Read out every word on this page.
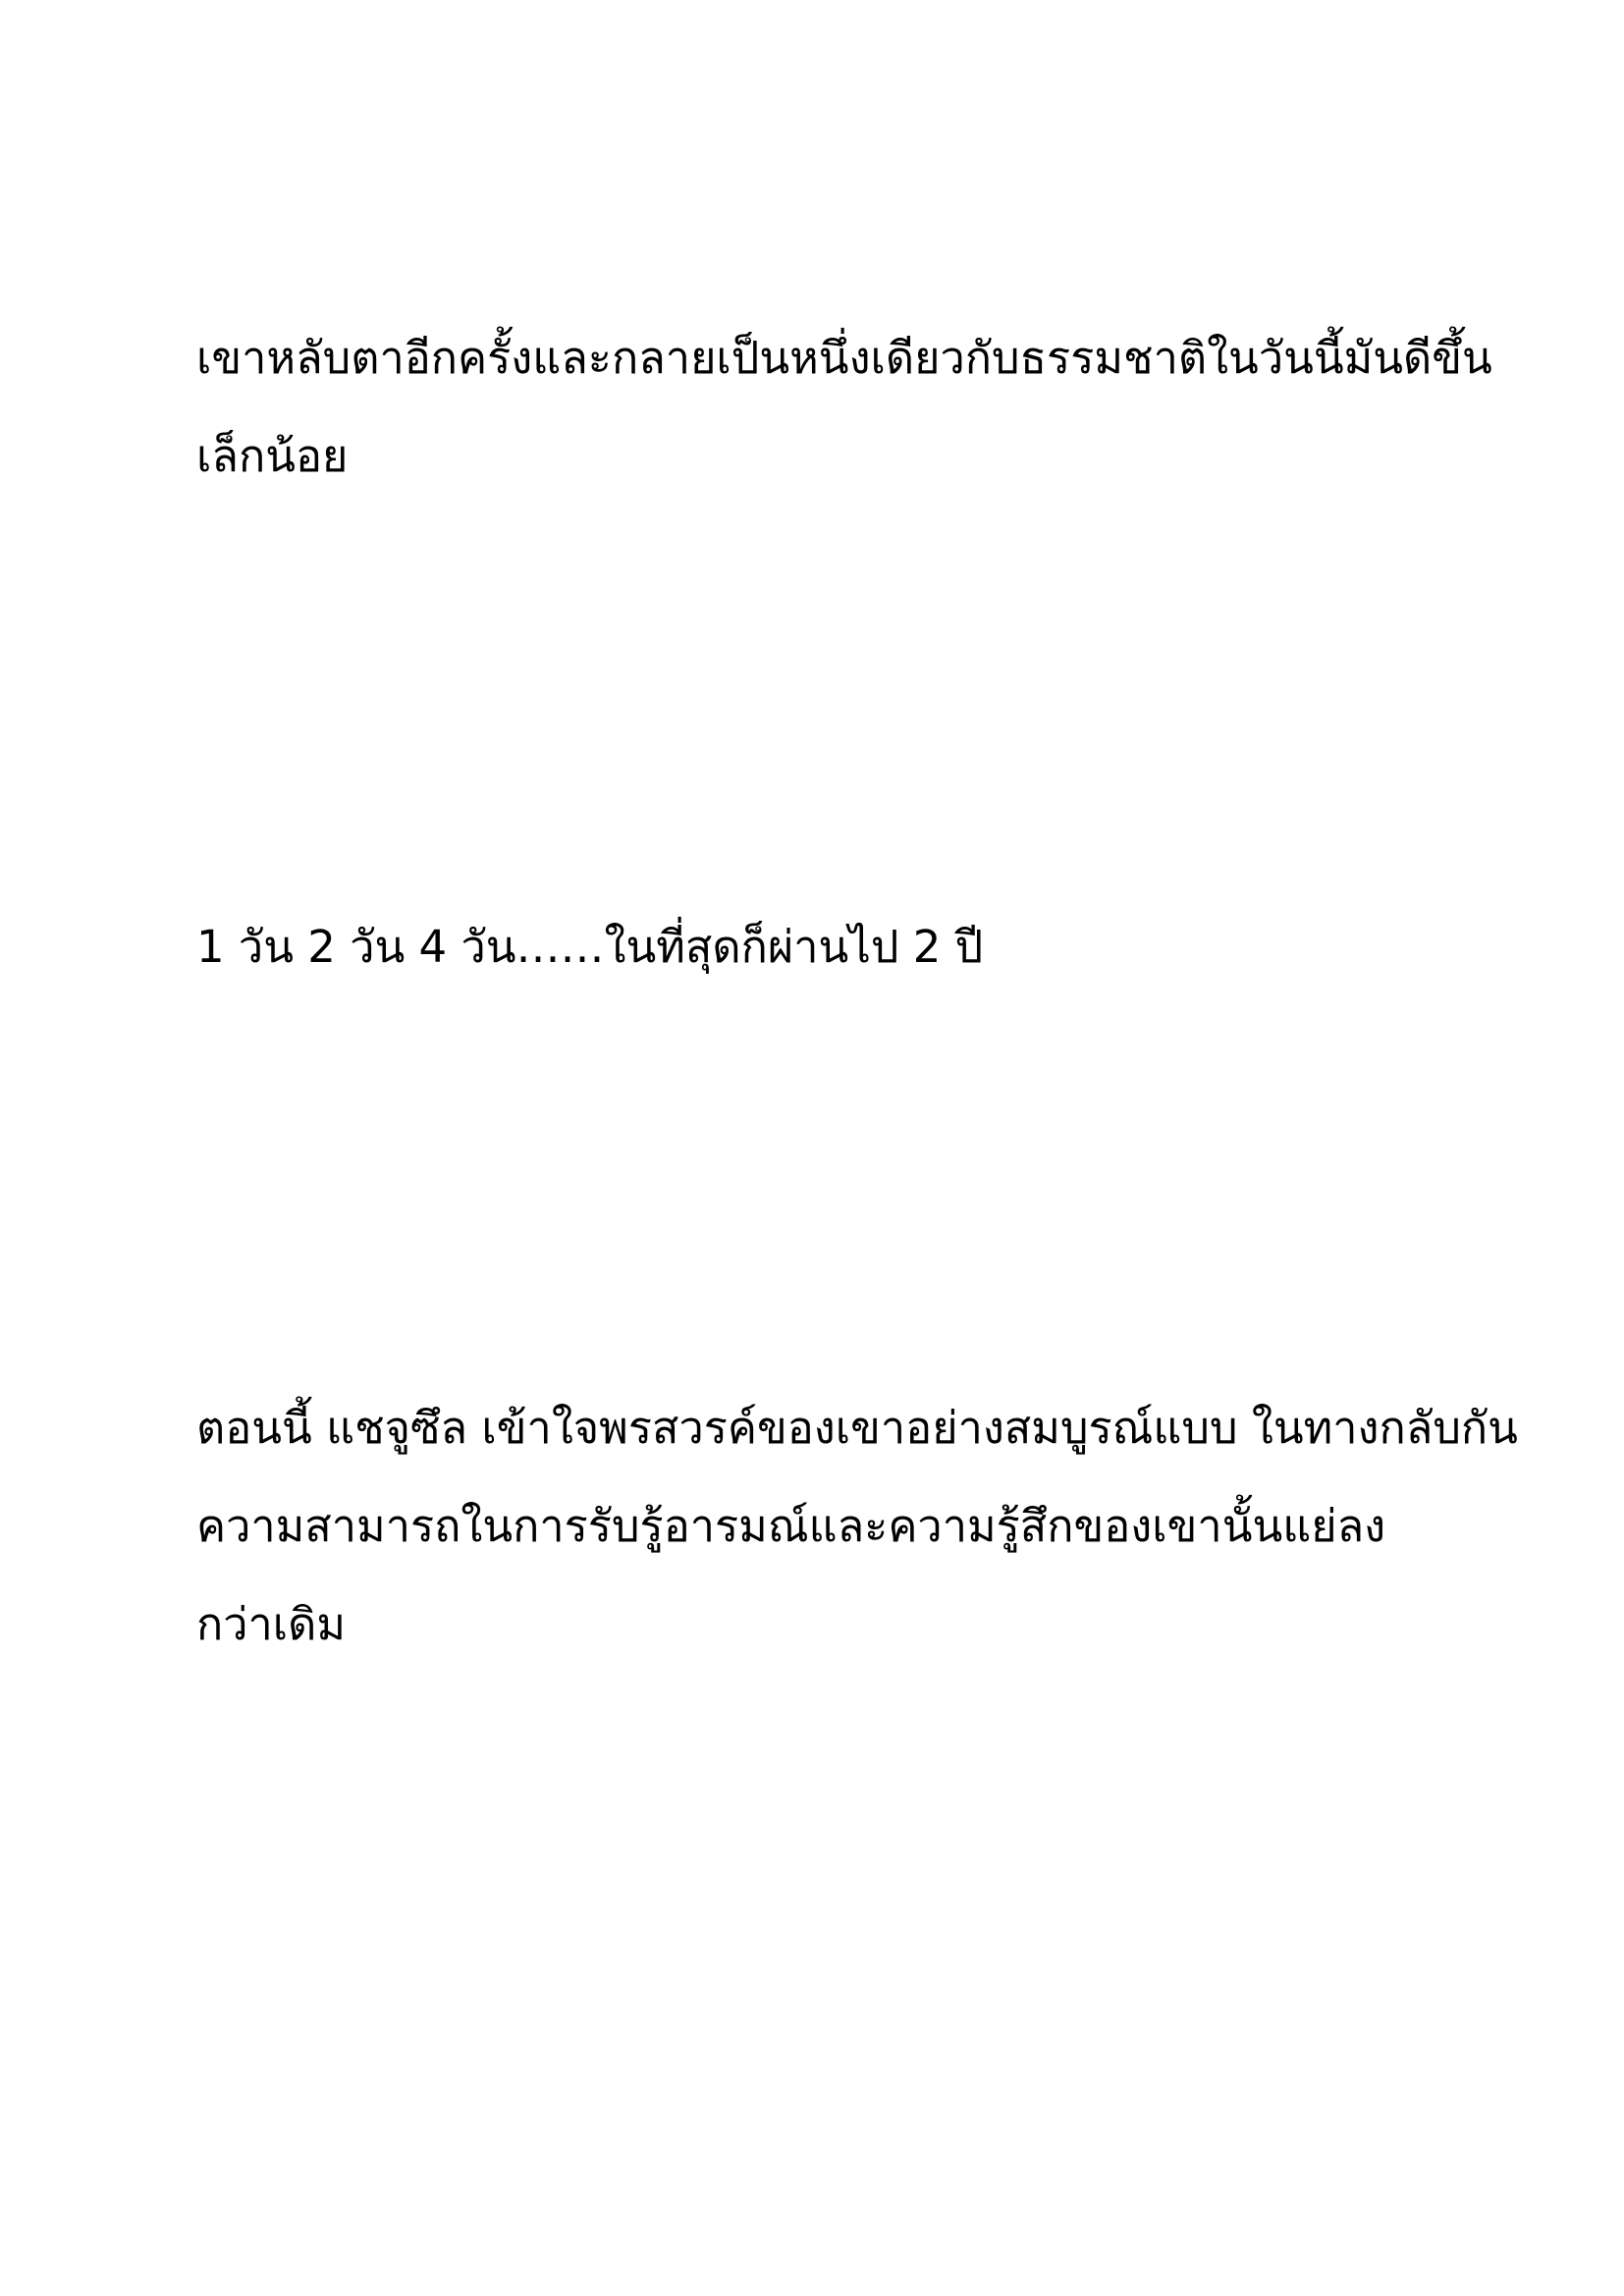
เขาหลับตาอีกครั้งและกลายเป็นหนึ่งเดียวกับธรรมชาติในวันนี้มันดีขึ้น
เล็กน้อย

1 วัน 2 วัน 4 วัน……ในที่สุดก็ผ่านไป 2 ปี

ตอนนี้ แชจูซึล เข้าใจพรสวรค์ของเขาอย่างสมบูรณ์แบบ ในทางกลับกัน
ความสามารถในการรับรู้อารมณ์และความรู้สึกของเขานั้นแย่ลง
กว่าเดิม
